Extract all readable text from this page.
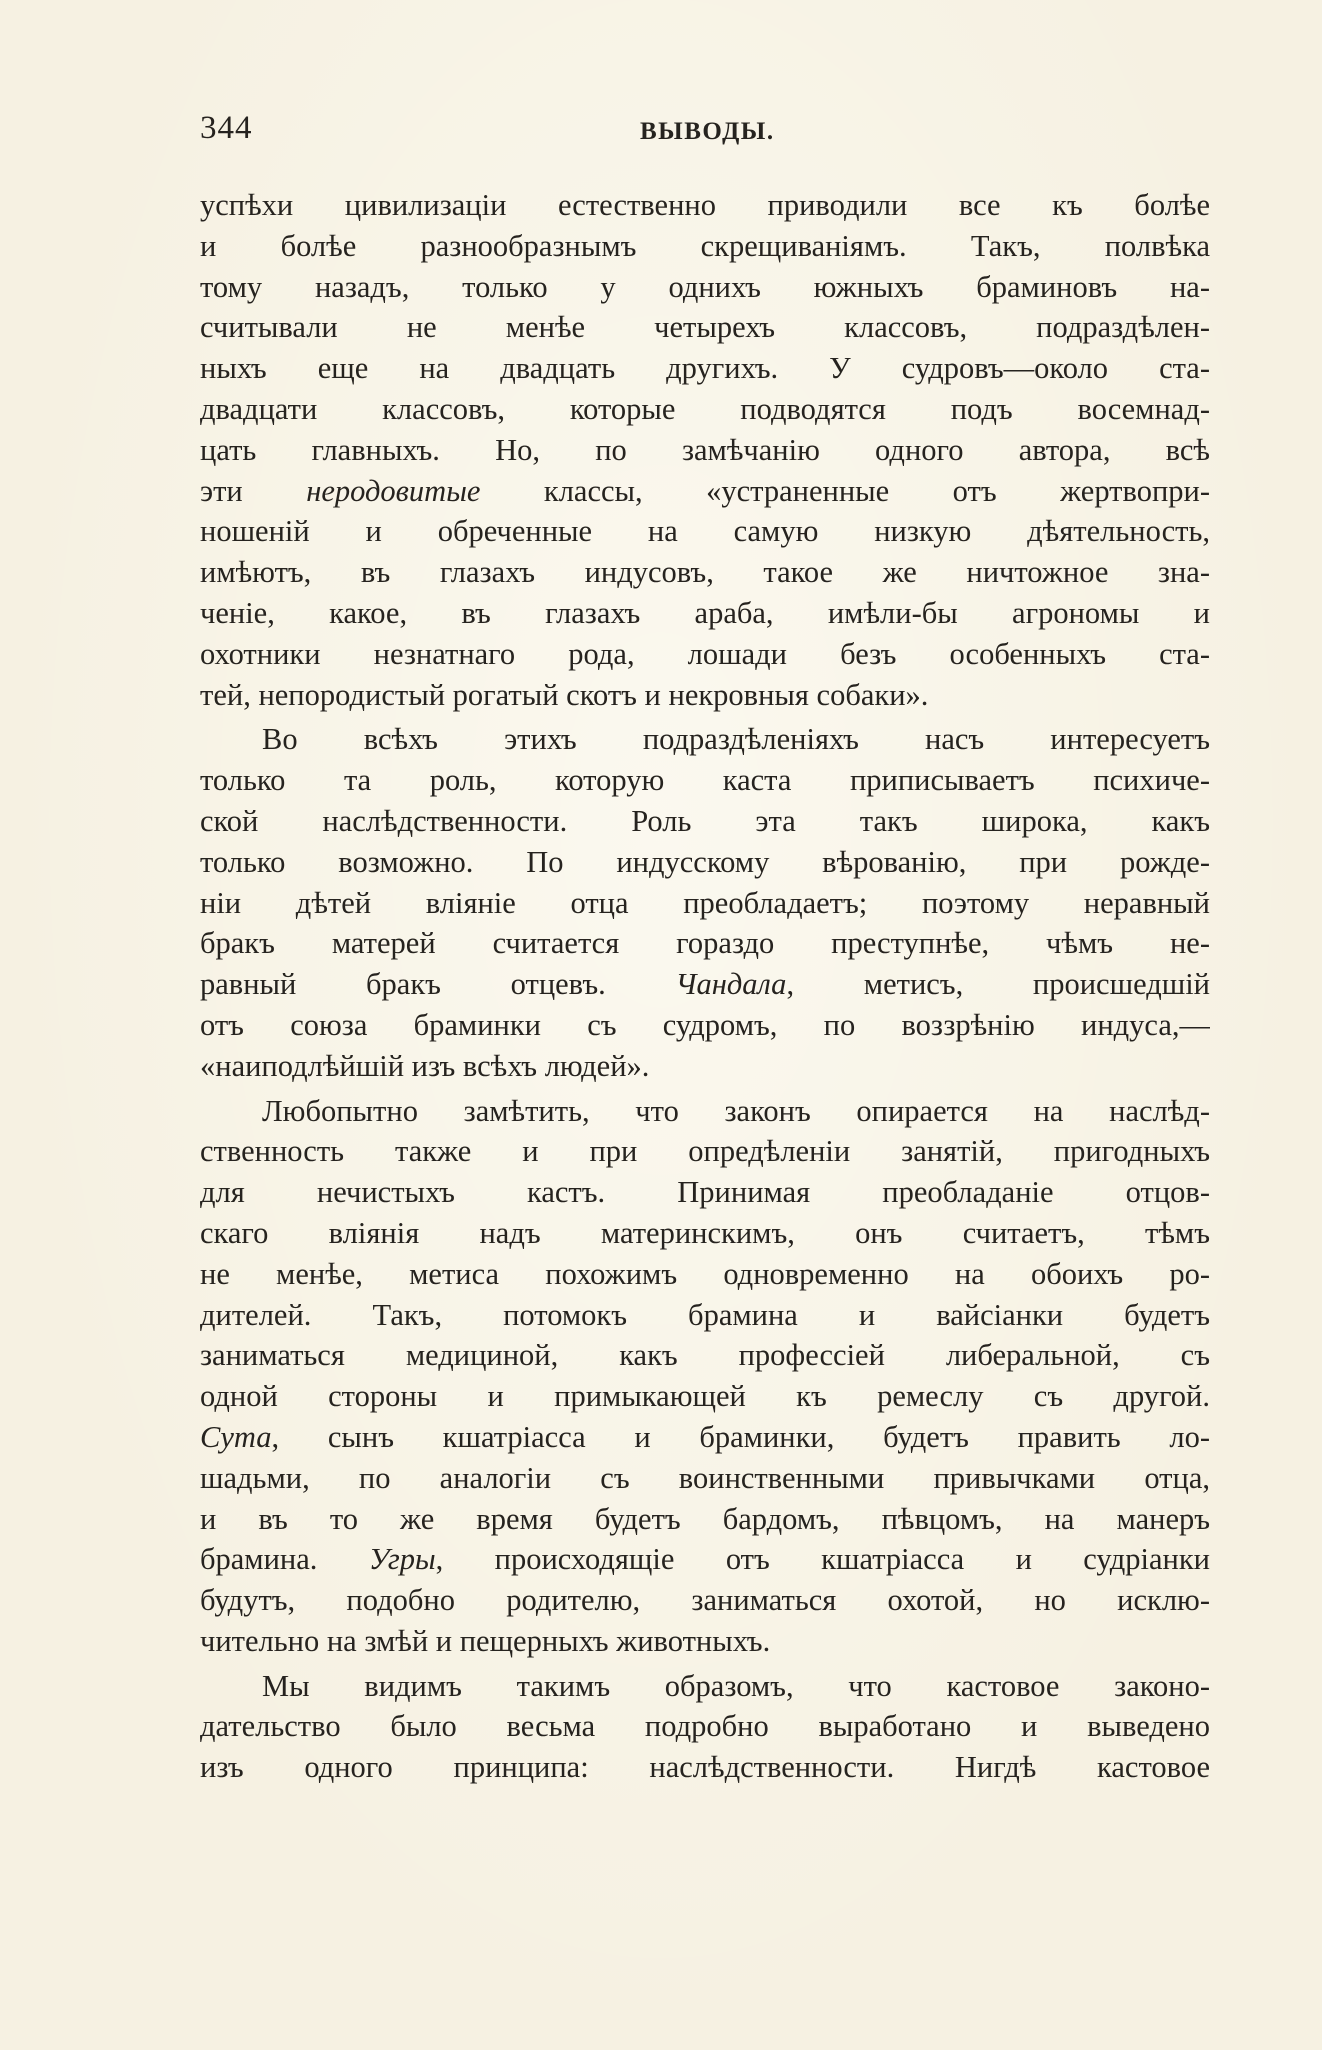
344	ВЫВОДЫ.
успѣхи цивилизаціи естественно приводили все къ болѣе
и болѣе разнообразнымъ скрещиваніямъ. Такъ, полвѣка
тому назадъ, только у однихъ южныхъ браминовъ на-
считывали не менѣе четырехъ классовъ, подраздѣлен-
ныхъ еще на двадцать другихъ. У судровъ—около ста-
двадцати классовъ, которые подводятся подъ восемнад-
цать главныхъ. Но, по замѣчанію одного автора, всѣ
эти неродовитые классы, «устраненные отъ жертвопри-
ношеній и обреченные на самую низкую дѣятельность,
имѣютъ, въ глазахъ индусовъ, такое же ничтожное зна-
ченіе, какое, въ глазахъ араба, имѣли-бы агрономы и
охотники незнатнаго рода, лошади безъ особенныхъ ста-
тей, непородистый рогатый скотъ и некровныя собаки».
Во всѣхъ этихъ подраздѣленіяхъ насъ интересуетъ
только та роль, которую каста приписываетъ психиче-
ской наслѣдственности. Роль эта такъ широка, какъ
только возможно. По индусскому вѣрованію, при рожде-
ніи дѣтей вліяніе отца преобладаетъ; поэтому неравный
бракъ матерей считается гораздо преступнѣе, чѣмъ не-
равный бракъ отцевъ. Чандала, метисъ, происшедшій
отъ союза браминки съ судромъ, по воззрѣнію индуса,—
«наиподлѣйшій изъ всѣхъ людей».
Любопытно замѣтить, что законъ опирается на наслѣд-
ственность также и при опредѣленіи занятій, пригодныхъ
для нечистыхъ кастъ. Принимая преобладаніе отцов-
скаго вліянія надъ материнскимъ, онъ считаетъ, тѣмъ
не менѣе, метиса похожимъ одновременно на обоихъ ро-
дителей. Такъ, потомокъ брамина и вайсіанки будетъ
заниматься медициной, какъ профессіей либеральной, съ
одной стороны и примыкающей къ ремеслу съ другой.
Сута, сынъ кшатріасса и браминки, будетъ править ло-
шадьми, по аналогіи съ воинственными привычками отца,
и въ то же время будетъ бардомъ, пѣвцомъ, на манеръ
брамина. Угры, происходящіе отъ кшатріасса и судріанки
будутъ, подобно родителю, заниматься охотой, но исклю-
чительно на змѣй и пещерныхъ животныхъ.
Мы видимъ такимъ образомъ, что кастовое законо-
дательство было весьма подробно выработано и выведено
изъ одного принципа: наслѣдственности. Нигдѣ кастовое
